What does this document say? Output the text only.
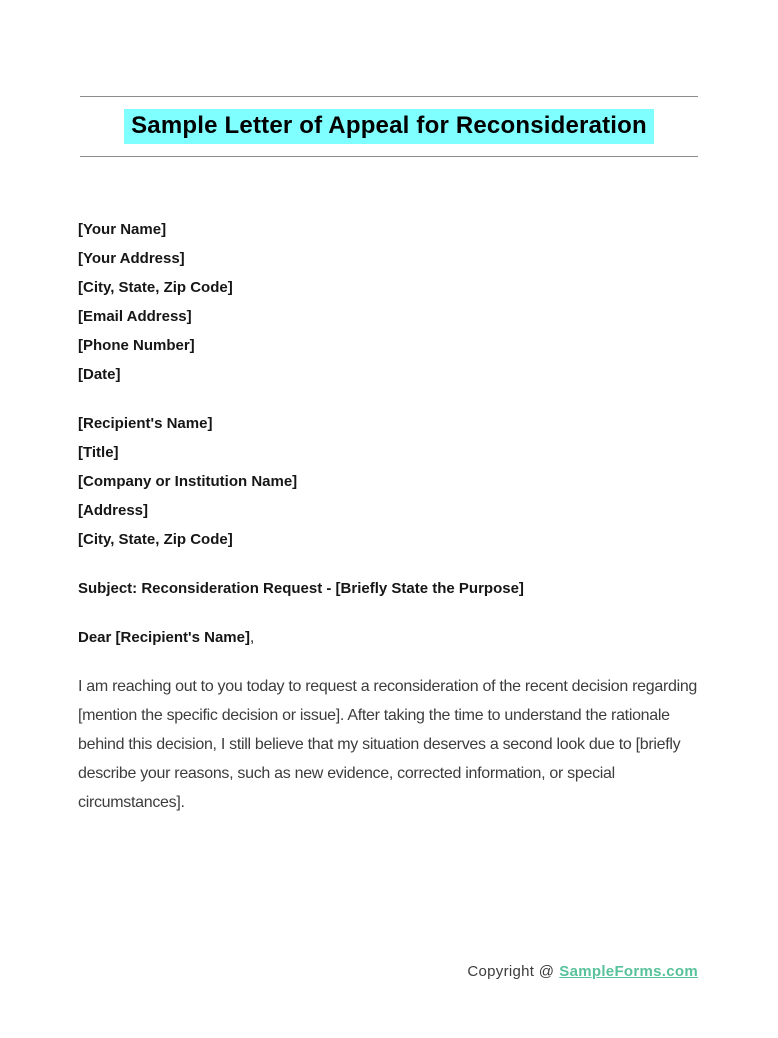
Sample Letter of Appeal for Reconsideration
[Your Name]
[Your Address]
[City, State, Zip Code]
[Email Address]
[Phone Number]
[Date]
[Recipient's Name]
[Title]
[Company or Institution Name]
[Address]
[City, State, Zip Code]
Subject: Reconsideration Request - [Briefly State the Purpose]
Dear [Recipient's Name],
I am reaching out to you today to request a reconsideration of the recent decision regarding [mention the specific decision or issue]. After taking the time to understand the rationale behind this decision, I still believe that my situation deserves a second look due to [briefly describe your reasons, such as new evidence, corrected information, or special circumstances].
Copyright @ SampleForms.com
